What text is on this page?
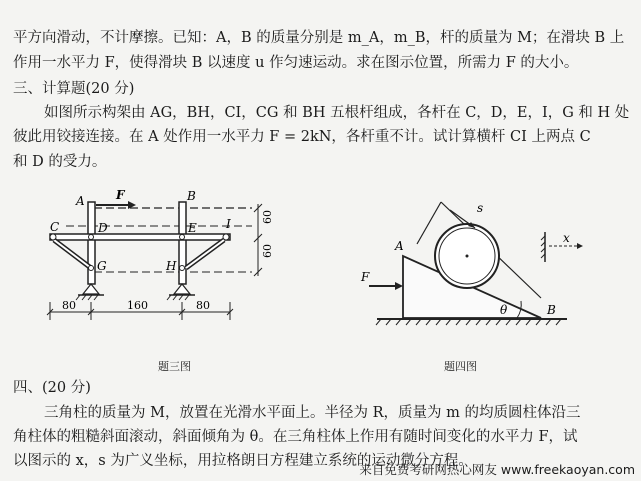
平方向滑动，不计摩擦。已知：A，B 的质量分别是 m_A，m_B，杆的质量为 M；在滑块 B 上
作用一水平力 F，使得滑块 B 以速度 u 作匀速运动。求在图示位置，所需力 F 的大小。
三、计算题(20 分)
如图所示构架由 AG，BH，CI，CG 和 BH 五根杆组成，各杆在 C，D，E，I，G 和 H 处
彼此用铰接连接。在 A 处作用一水平力 F = 2kN，各杆重不计。试计算横杆 CI 上两点 C
和 D 的受力。
A	F	B
C	D	E I
G	H
80	160	80
60
60
题三图
A
B
F
s
x
θ
题四图
四、(20 分)
三角柱的质量为 M，放置在光滑水平面上。半径为 R，质量为 m 的均质圆柱体沿三
角柱体的粗糙斜面滚动，斜面倾角为 θ。在三角柱体上作用有随时间变化的水平力 F，试
以图示的 x，s 为广义坐标，用拉格朗日方程建立系统的运动微分方程。
来自免费考研网热心网友 www.freekaoyan.com
